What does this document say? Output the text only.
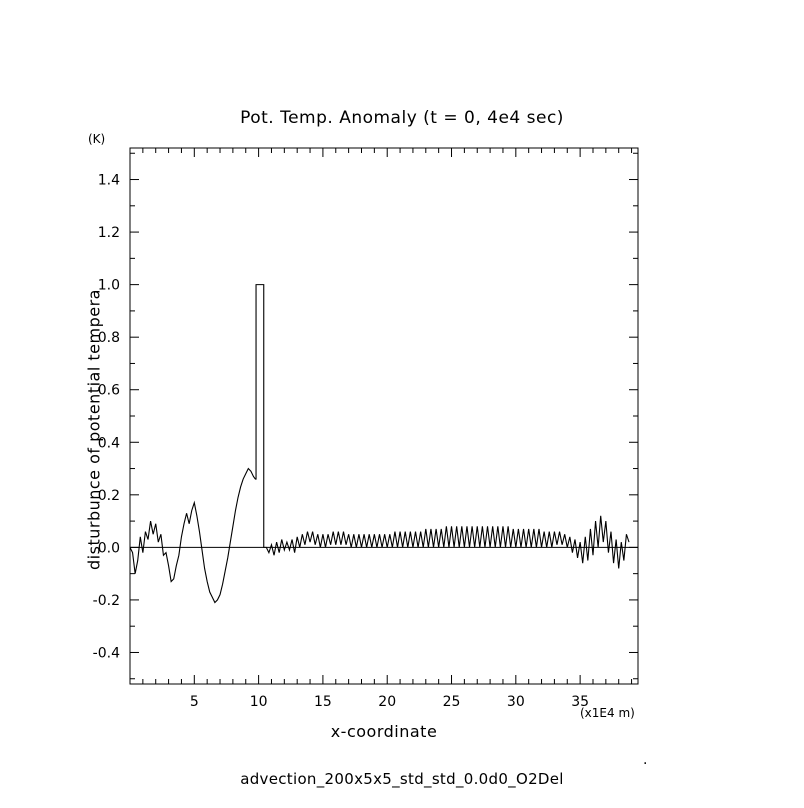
Pot. Temp. Anomaly (t = 0, 4e4 sec)
(K)
(x1E4 m)
x-coordinate
disturbunce of potential tempera
.
advection_200x5x5_std_std_0.0d0_O2Del
-0.4
-0.2
0.0
0.2
0.4
0.6
0.8
1.0
1.2
1.4
5	10	15	20	25	30	35
